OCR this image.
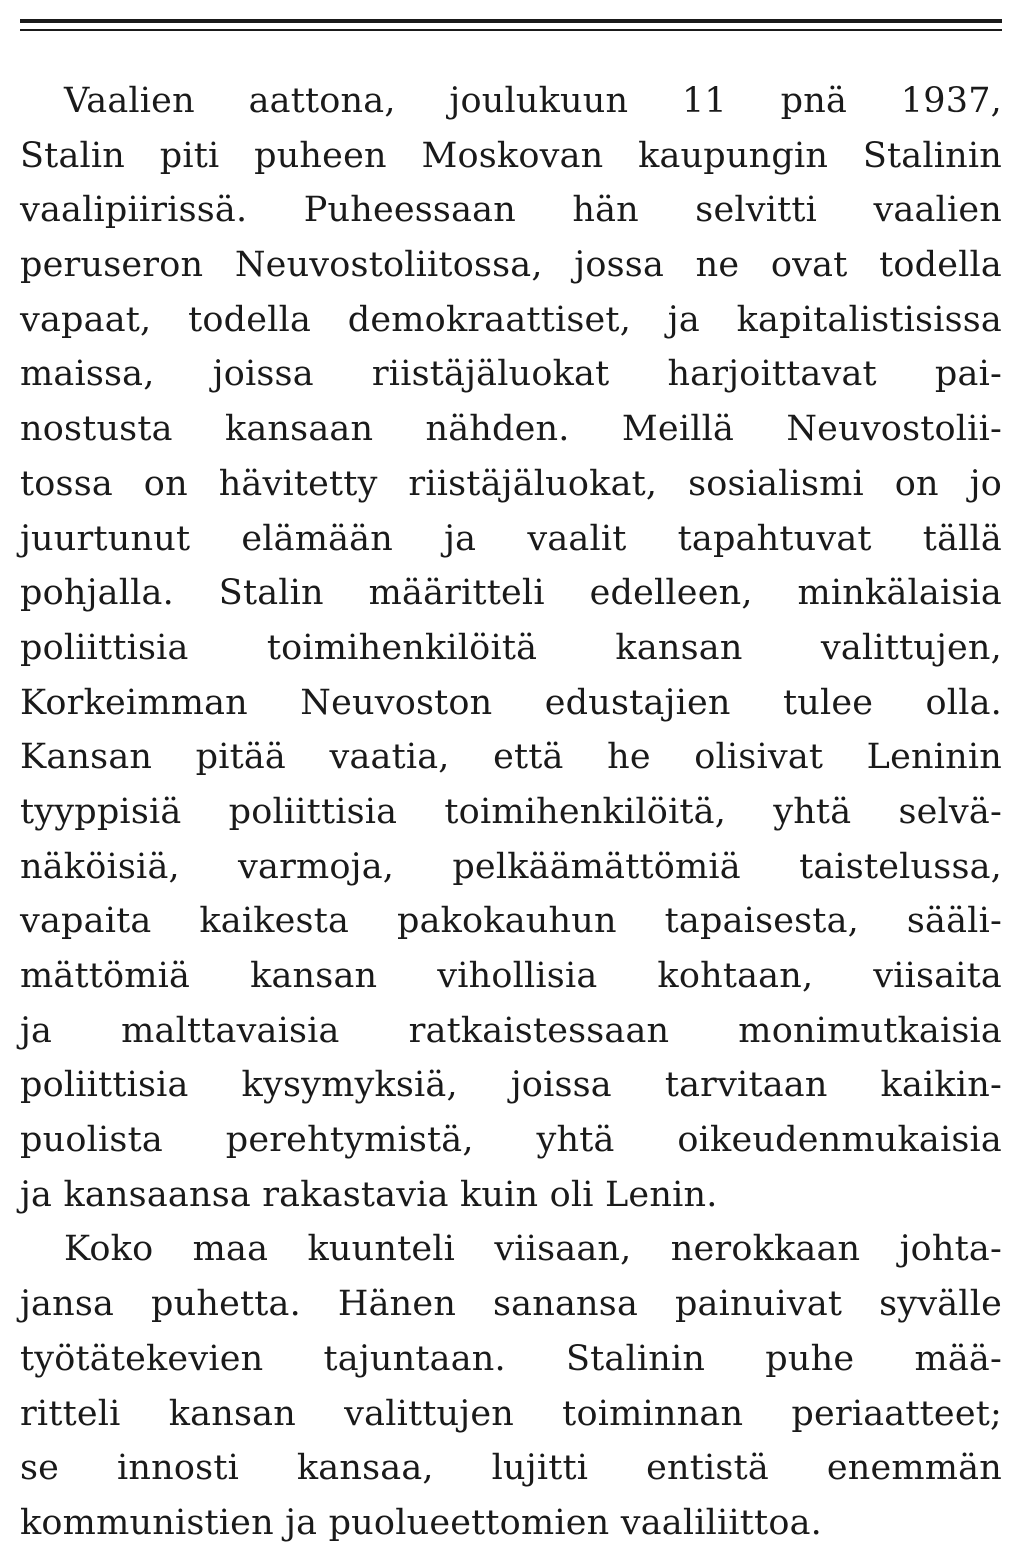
Vaalien aattona, joulukuun 11 pnä 1937,
Stalin piti puheen Moskovan kaupungin Stalinin
vaalipiirissä. Puheessaan hän selvitti vaalien
peruseron Neuvostoliitossa, jossa ne ovat todella
vapaat, todella demokraattiset, ja kapitalistisissa
maissa, joissa riistäjäluokat harjoittavat pai-
nostusta kansaan nähden. Meillä Neuvostolii-
tossa on hävitetty riistäjäluokat, sosialismi on jo
juurtunut elämään ja vaalit tapahtuvat tällä
pohjalla. Stalin määritteli edelleen, minkälaisia
poliittisia toimihenkilöitä kansan valittujen,
Korkeimman Neuvoston edustajien tulee olla.
Kansan pitää vaatia, että he olisivat Leninin
tyyppisiä poliittisia toimihenkilöitä, yhtä selvä-
näköisiä, varmoja, pelkäämättömiä taistelussa,
vapaita kaikesta pakokauhun tapaisesta, sääli-
mättömiä kansan vihollisia kohtaan, viisaita
ja malttavaisia ratkaistessaan monimutkaisia
poliittisia kysymyksiä, joissa tarvitaan kaikin-
puolista perehtymistä, yhtä oikeudenmukaisia
ja kansaansa rakastavia kuin oli Lenin.
Koko maa kuunteli viisaan, nerokkaan johta-
jansa puhetta. Hänen sanansa painuivat syvälle
työtätekevien tajuntaan. Stalinin puhe mää-
ritteli kansan valittujen toiminnan periaatteet;
se innosti kansaa, lujitti entistä enemmän
kommunistien ja puolueettomien vaaliliittoa.
